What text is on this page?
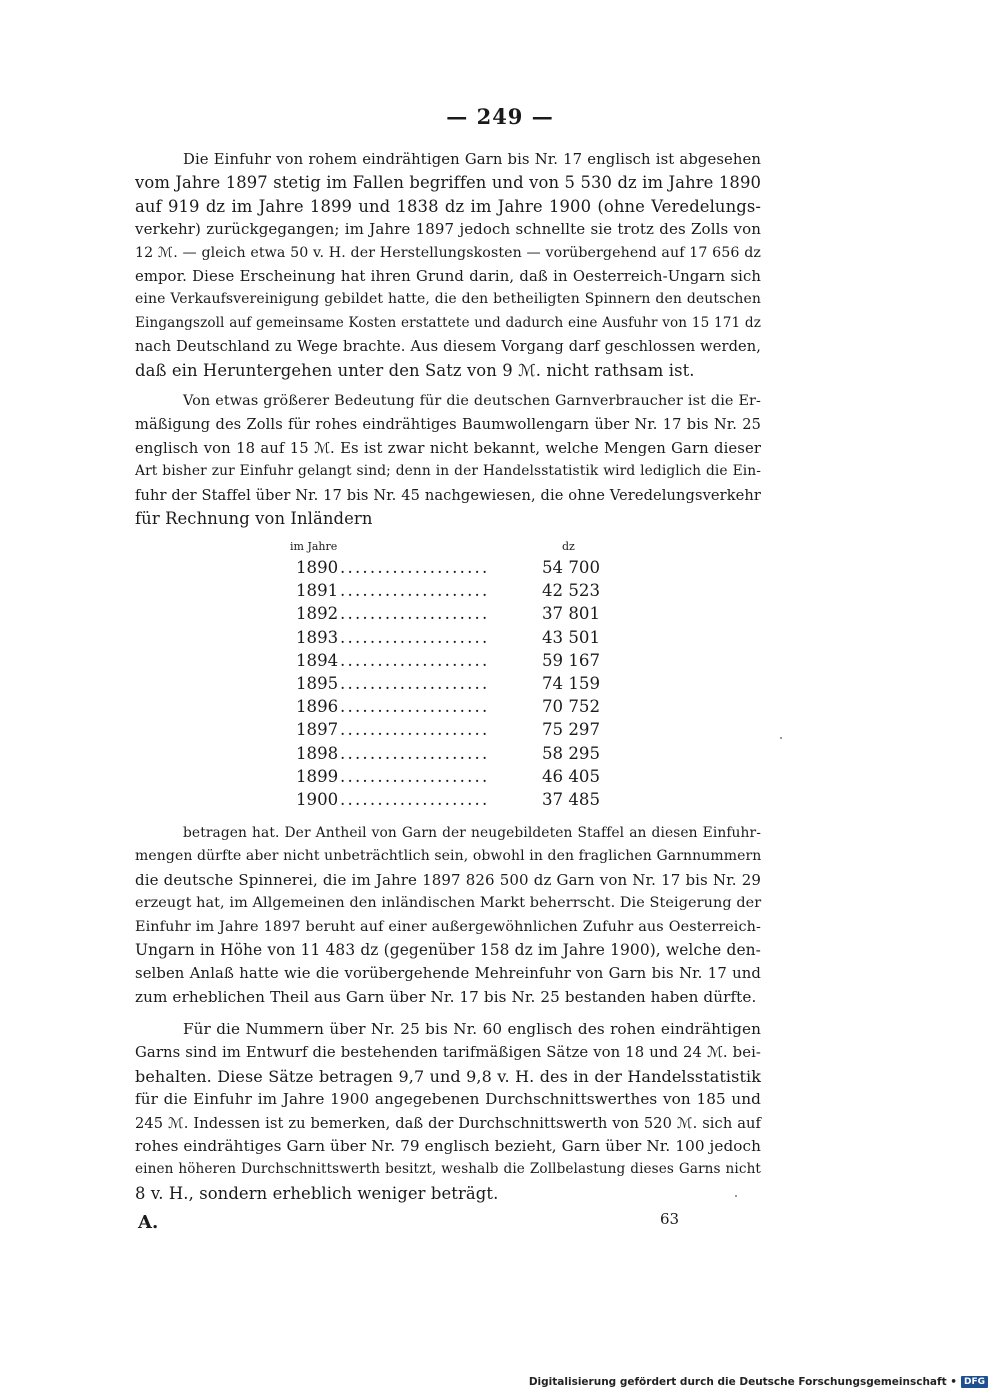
— 249 —
Die Einfuhr von rohem eindrähtigen Garn bis Nr. 17 englisch ist abgesehen
vom Jahre 1897 stetig im Fallen begriffen und von 5 530 dz im Jahre 1890
auf 919 dz im Jahre 1899 und 1838 dz im Jahre 1900 (ohne Veredelungs-
verkehr) zurückgegangen; im Jahre 1897 jedoch schnellte sie trotz des Zolls von
12 ℳ. — gleich etwa 50 v. H. der Herstellungskosten — vorübergehend auf 17 656 dz
empor. Diese Erscheinung hat ihren Grund darin, daß in Oesterreich-Ungarn sich
eine Verkaufsvereinigung gebildet hatte, die den betheiligten Spinnern den deutschen
Eingangszoll auf gemeinsame Kosten erstattete und dadurch eine Ausfuhr von 15 171 dz
nach Deutschland zu Wege brachte. Aus diesem Vorgang darf geschlossen werden,
daß ein Heruntergehen unter den Satz von 9 ℳ. nicht rathsam ist.
Von etwas größerer Bedeutung für die deutschen Garnverbraucher ist die Er-
mäßigung des Zolls für rohes eindrähtiges Baumwollengarn über Nr. 17 bis Nr. 25
englisch von 18 auf 15 ℳ. Es ist zwar nicht bekannt, welche Mengen Garn dieser
Art bisher zur Einfuhr gelangt sind; denn in der Handelsstatistik wird lediglich die Ein-
fuhr der Staffel über Nr. 17 bis Nr. 45 nachgewiesen, die ohne Veredelungsverkehr
für Rechnung von Inländern
im Jahre	dz
1890 ....................	54 700
1891 ....................	42 523
1892 ....................	37 801
1893 ....................	43 501
1894 ....................	59 167
1895 ....................	74 159
1896 ....................	70 752
1897 ....................	75 297
1898 ....................	58 295
1899 ....................	46 405
1900 ....................	37 485
betragen hat. Der Antheil von Garn der neugebildeten Staffel an diesen Einfuhr-
mengen dürfte aber nicht unbeträchtlich sein, obwohl in den fraglichen Garnnummern
die deutsche Spinnerei, die im Jahre 1897 826 500 dz Garn von Nr. 17 bis Nr. 29
erzeugt hat, im Allgemeinen den inländischen Markt beherrscht. Die Steigerung der
Einfuhr im Jahre 1897 beruht auf einer außergewöhnlichen Zufuhr aus Oesterreich-
Ungarn in Höhe von 11 483 dz (gegenüber 158 dz im Jahre 1900), welche den-
selben Anlaß hatte wie die vorübergehende Mehreinfuhr von Garn bis Nr. 17 und
zum erheblichen Theil aus Garn über Nr. 17 bis Nr. 25 bestanden haben dürfte.
Für die Nummern über Nr. 25 bis Nr. 60 englisch des rohen eindrähtigen
Garns sind im Entwurf die bestehenden tarifmäßigen Sätze von 18 und 24 ℳ. bei-
behalten. Diese Sätze betragen 9,7 und 9,8 v. H. des in der Handelsstatistik
für die Einfuhr im Jahre 1900 angegebenen Durchschnittswerthes von 185 und
245 ℳ. Indessen ist zu bemerken, daß der Durchschnittswerth von 520 ℳ. sich auf
rohes eindrähtiges Garn über Nr. 79 englisch bezieht, Garn über Nr. 100 jedoch
einen höheren Durchschnittswerth besitzt, weshalb die Zollbelastung dieses Garns nicht
8 v. H., sondern erheblich weniger beträgt.
A.	63
Digitalisierung gefördert durch die Deutsche Forschungsgemeinschaft • DFG
